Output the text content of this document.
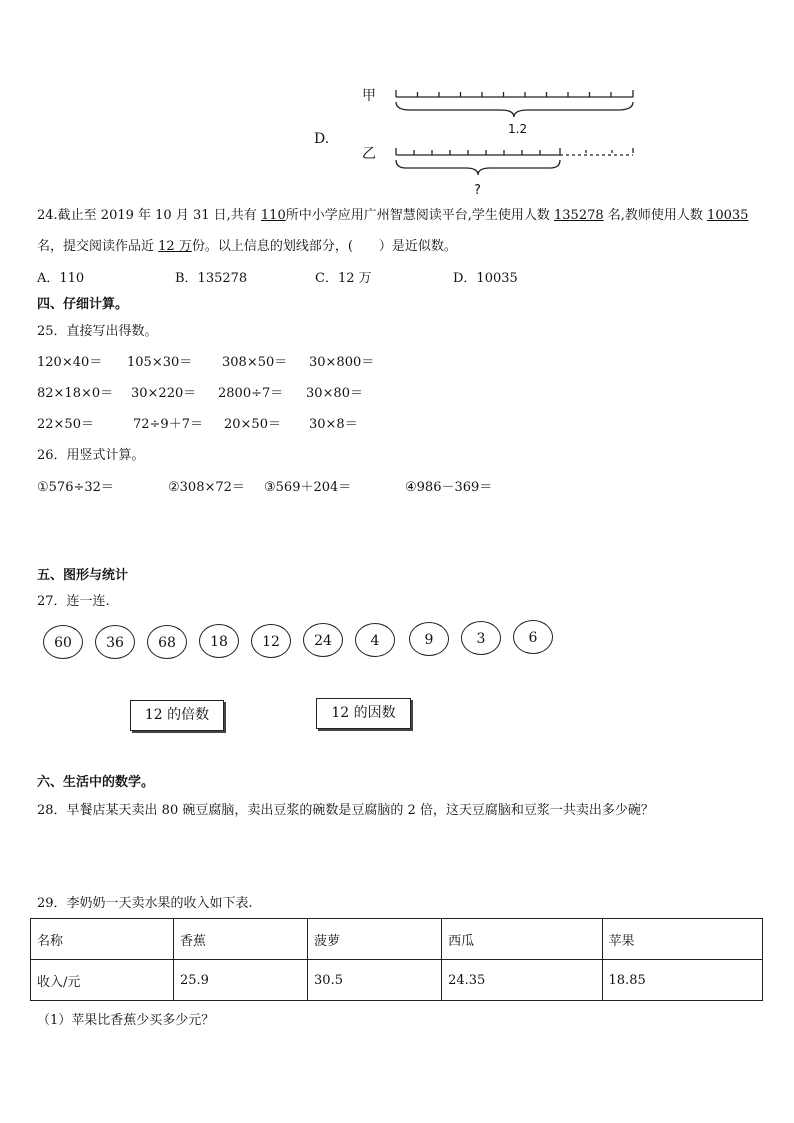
甲
D.
乙
1.2
?
24.截止至 2019 年 10 月 31 日,共有 110所中小学应用广州智慧阅读平台,学生使用人数 135278 名,教师使用人数 10035
名，提交阅读作品近 12 万份。以上信息的划线部分，(　　）是近似数。
A．110	B．135278	C．12 万	D．10035
四、仔细计算。
25．直接写出得数。
120×40＝ 105×30＝ 308×50＝ 30×800＝
82×18×0＝ 30×220＝ 2800÷7＝ 30×80＝
22×50＝	72÷9＋7＝ 20×50＝ 30×8＝
26．用竖式计算。
①576÷32＝	②308×72＝ ③569＋204＝	④986－369＝
五、图形与统计
27．连一连.
60	36	68	18	12	24	4	9	3	6
12 的倍数	12 的因数
六、生活中的数学。
28．早餐店某天卖出 80 碗豆腐脑，卖出豆浆的碗数是豆腐脑的 2 倍，这天豆腐脑和豆浆一共卖出多少碗？
29．李奶奶一天卖水果的收入如下表.
名称	香蕉	菠萝	西瓜	苹果
收入/元	25.9	30.5	24.35	18.85
（1）苹果比香蕉少买多少元？
